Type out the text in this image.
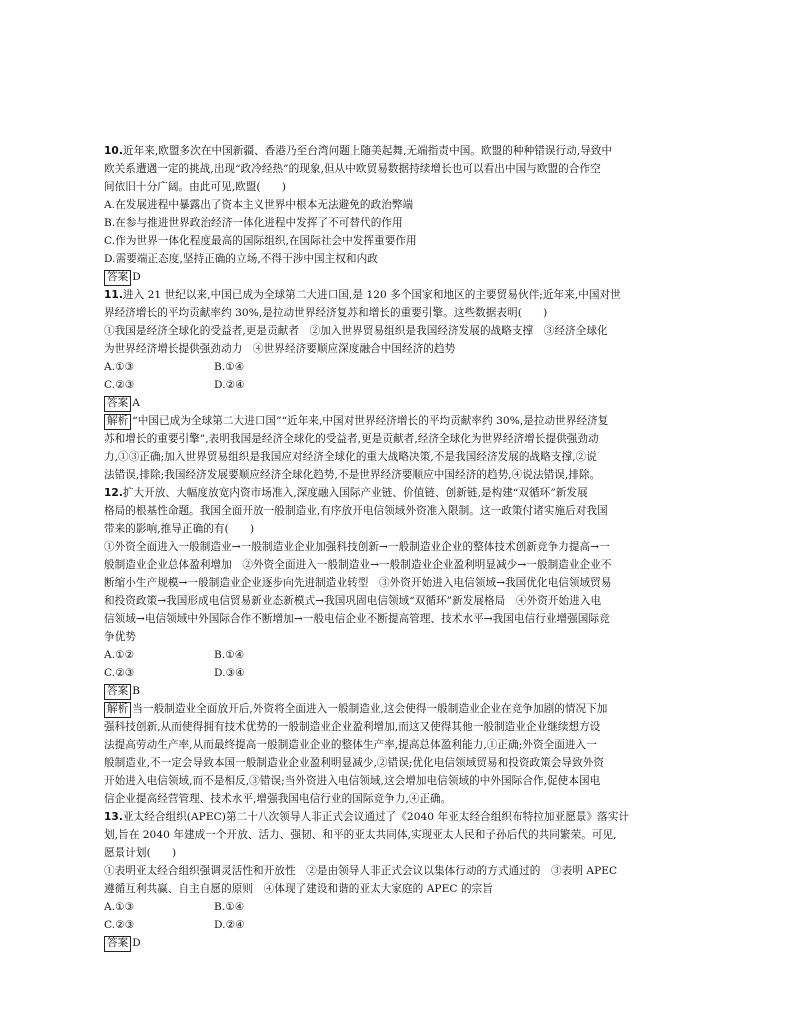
10.近年来,欧盟多次在中国新疆、香港乃至台湾问题上随美起舞,无端指责中国。欧盟的种种错误行动,导致中
欧关系遭遇一定的挑战,出现“政冷经热”的现象,但从中欧贸易数据持续增长也可以看出中国与欧盟的合作空
间依旧十分广阔。由此可见,欧盟(　　)
A.在发展进程中暴露出了资本主义世界中根本无法避免的政治弊端
B.在参与推进世界政治经济一体化进程中发挥了不可替代的作用
C.作为世界一体化程度最高的国际组织,在国际社会中发挥重要作用
D.需要端正态度,坚持正确的立场,不得干涉中国主权和内政
答案 D
11.进入 21 世纪以来,中国已成为全球第二大进口国,是 120 多个国家和地区的主要贸易伙伴;近年来,中国对世
界经济增长的平均贡献率约 30%,是拉动世界经济复苏和增长的重要引擎。这些数据表明(　　)
①我国是经济全球化的受益者,更是贡献者　②加入世界贸易组织是我国经济发展的战略支撑　③经济全球化
为世界经济增长提供强劲动力　④世界经济要顺应深度融合中国经济的趋势
A.①③	B.①④
C.②③	D.②④
答案 A
解析 “中国已成为全球第二大进口国”“近年来,中国对世界经济增长的平均贡献率约 30%,是拉动世界经济复
苏和增长的重要引擎”,表明我国是经济全球化的受益者,更是贡献者,经济全球化为世界经济增长提供强劲动
力,①③正确;加入世界贸易组织是我国应对经济全球化的重大战略决策,不是我国经济发展的战略支撑,②说
法错误,排除;我国经济发展要顺应经济全球化趋势,不是世界经济要顺应中国经济的趋势,④说法错误,排除。
12.扩大开放、大幅度放宽内资市场准入,深度融入国际产业链、价值链、创新链,是构建“双循环”新发展
格局的根基性命题。我国全面开放一般制造业,有序放开电信领域外资准入限制。这一政策付诸实施后对我国
带来的影响,推导正确的有(　　)
①外资全面进入一般制造业→一般制造业企业加强科技创新→一般制造业企业的整体技术创新竞争力提高→一
般制造业企业总体盈利增加　②外资全面进入一般制造业→一般制造业企业盈利明显减少→一般制造业企业不
断缩小生产规模→一般制造业企业逐步向先进制造业转型　③外资开始进入电信领域→我国优化电信领域贸易
和投资政策→我国形成电信贸易新业态新模式→我国巩固电信领域“双循环”新发展格局　④外资开始进入电
信领域→电信领域中外国际合作不断增加→一般电信企业不断提高管理、技术水平→我国电信行业增强国际竞
争优势
A.①②	B.①④
C.②③	D.③④
答案 B
解析 当一般制造业全面放开后,外资将全面进入一般制造业,这会使得一般制造业企业在竞争加剧的情况下加
强科技创新,从而使得拥有技术优势的一般制造业企业盈利增加,而这又使得其他一般制造业企业继续想方设
法提高劳动生产率,从而最终提高一般制造业企业的整体生产率,提高总体盈利能力,①正确;外资全面进入一
般制造业,不一定会导致本国一般制造业企业盈利明显减少,②错误;优化电信领域贸易和投资政策会导致外资
开始进入电信领域,而不是相反,③错误;当外资进入电信领域,这会增加电信领域的中外国际合作,促使本国电
信企业提高经营管理、技术水平,增强我国电信行业的国际竞争力,④正确。
13.亚太经合组织(APEC)第二十八次领导人非正式会议通过了《2040 年亚太经合组织布特拉加亚愿景》落实计
划,旨在 2040 年建成一个开放、活力、强韧、和平的亚太共同体,实现亚太人民和子孙后代的共同繁荣。可见,
愿景计划(　　)
①表明亚太经合组织强调灵活性和开放性　②是由领导人非正式会议以集体行动的方式通过的　③表明 APEC
遵循互利共赢、自主自愿的原则　④体现了建设和谐的亚太大家庭的 APEC 的宗旨
A.①③	B.①④
C.②③	D.②④
答案 D
